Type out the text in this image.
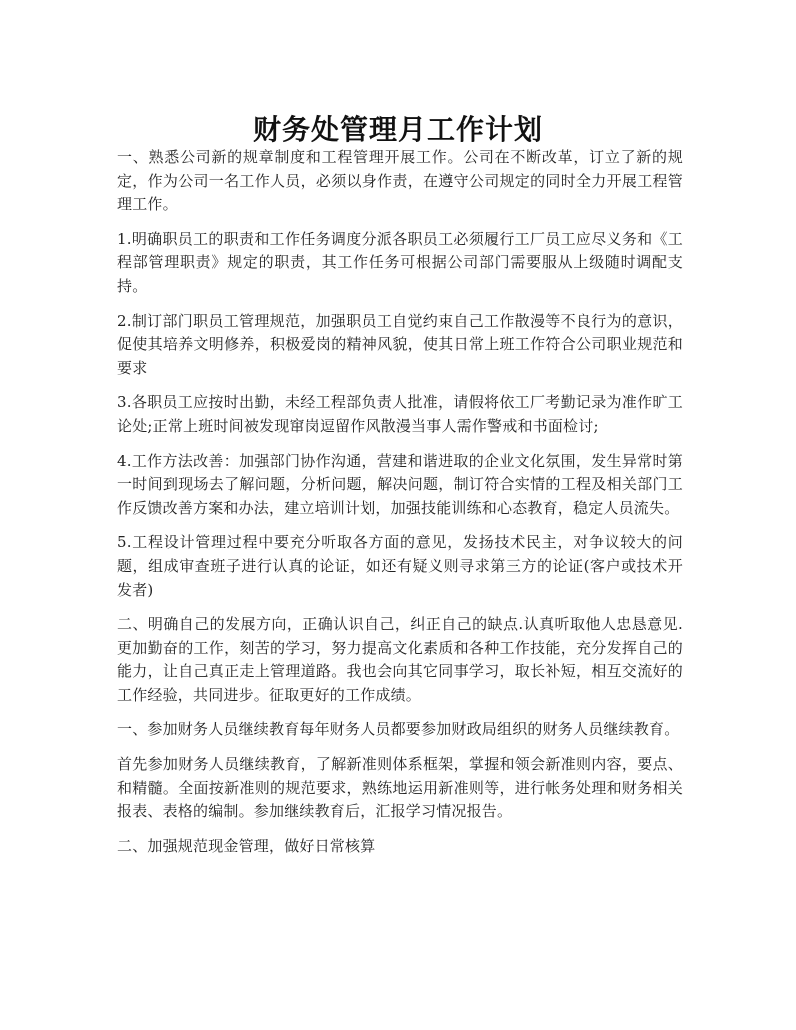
财务处管理月工作计划

一、熟悉公司新的规章制度和工程管理开展工作。公司在不断改革，订立了新的规定，作为公司一名工作人员，必须以身作责，在遵守公司规定的同时全力开展工程管理工作。

1.明确职员工的职责和工作任务调度分派各职员工必须履行工厂员工应尽义务和《工程部管理职责》规定的职责，其工作任务可根据公司部门需要服从上级随时调配支持。

2.制订部门职员工管理规范，加强职员工自觉约束自己工作散漫等不良行为的意识，促使其培养文明修养，积极爱岗的精神风貌，使其日常上班工作符合公司职业规范和要求

3.各职员工应按时出勤，未经工程部负责人批准，请假将依工厂考勤记录为准作旷工论处;正常上班时间被发现窜岗逗留作风散漫当事人需作警戒和书面检讨;

4.工作方法改善：加强部门协作沟通，营建和谐进取的企业文化氛围，发生异常时第一时间到现场去了解问题，分析问题，解决问题，制订符合实情的工程及相关部门工作反馈改善方案和办法，建立培训计划，加强技能训练和心态教育，稳定人员流失。

5.工程设计管理过程中要充分听取各方面的意见，发扬技术民主，对争议较大的问题，组成审查班子进行认真的论证，如还有疑义则寻求第三方的论证(客户或技术开发者)

二、明确自己的发展方向，正确认识自己，纠正自己的缺点.认真听取他人忠恳意见.更加勤奋的工作，刻苦的学习，努力提高文化素质和各种工作技能，充分发挥自己的能力，让自己真正走上管理道路。我也会向其它同事学习，取长补短，相互交流好的工作经验，共同进步。征取更好的工作成绩。

一、参加财务人员继续教育每年财务人员都要参加财政局组织的财务人员继续教育。

首先参加财务人员继续教育，了解新准则体系框架，掌握和领会新准则内容，要点、和精髓。全面按新准则的规范要求，熟练地运用新准则等，进行帐务处理和财务相关报表、表格的编制。参加继续教育后，汇报学习情况报告。

二、加强规范现金管理，做好日常核算
